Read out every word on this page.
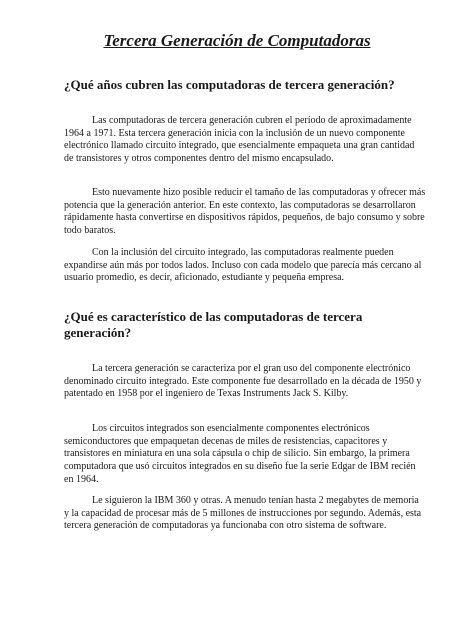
Tercera Generación de Computadoras
¿Qué años cubren las computadoras de tercera generación?

Las computadoras de tercera generación cubren el período de aproximadamente 1964 a 1971. Esta tercera generación inicia con la inclusión de un nuevo componente electrónico llamado circuito integrado, que esencialmente empaqueta una gran cantidad de transistores y otros componentes dentro del mismo encapsulado.

Esto nuevamente hizo posible reducir el tamaño de las computadoras y ofrecer más potencia que la generación anterior. En este contexto, las computadoras se desarrollaron rápidamente hasta convertirse en dispositivos rápidos, pequeños, de bajo consumo y sobre todo baratos.

Con la inclusión del circuito integrado, las computadoras realmente pueden expandirse aún más por todos lados. Incluso con cada modelo que parecía más cercano al usuario promedio, es decir, aficionado, estudiante y pequeña empresa.

¿Qué es característico de las computadoras de tercera generación?

La tercera generación se caracteriza por el gran uso del componente electrónico denominado circuito integrado. Este componente fue desarrollado en la década de 1950 y patentado en 1958 por el ingeniero de Texas Instruments Jack S. Kilby.

Los circuitos integrados son esencialmente componentes electrónicos semiconductores que empaquetan decenas de miles de resistencias, capacitores y transistores en miniatura en una sola cápsula o chip de silicio. Sin embargo, la primera computadora que usó circuitos integrados en su diseño fue la serie Edgar de IBM recién en 1964.

Le siguieron la IBM 360 y otras. A menudo tenían hasta 2 megabytes de memoria y la capacidad de procesar más de 5 millones de instrucciones por segundo. Además, esta tercera generación de computadoras ya funcionaba con otro sistema de software.
